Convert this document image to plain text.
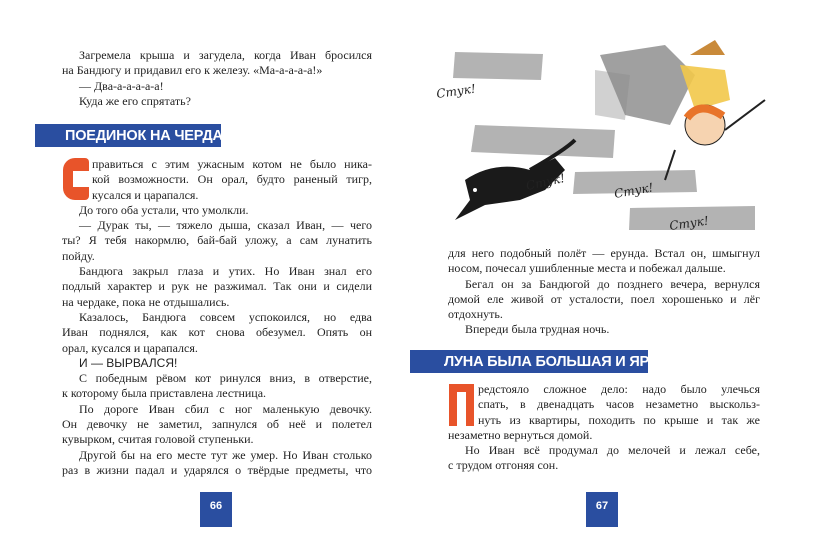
Загремела крыша и загудела, когда Иван бросился
на Бандюгу и придавил его к железу. «Ма-а-а-а-а!»
— Два-а-а-а-а-а!
Куда же его спрятать?
ПОЕДИНОК НА ЧЕРДАКЕ
правиться с этим ужасным котом не было ника-
кой возможности. Он орал, будто раненый тигр,
кусался и царапался.
До того оба устали, что умолкли.
— Дурак ты, — тяжело дыша, сказал Иван, — чего
ты? Я тебя накормлю, бай-бай уложу, а сам лунатить
пойду.
Бандюга закрыл глаза и утих. Но Иван знал его
подлый характер и рук не разжимал. Так они и сидели
на чердаке, пока не отдышались.
Казалось, Бандюга совсем успокоился, но едва
Иван поднялся, как кот снова обезумел. Опять он
орал, кусался и царапался.
И — ВЫРВАЛСЯ!
С победным рёвом кот ринулся вниз, в отверстие,
к которому была приставлена лестница.
По дороге Иван сбил с ног маленькую девочку.
Он девочку не заметил, запнулся об неё и полетел
кувырком, считая головой ступеньки.
Другой бы на его месте тут же умер. Но Иван столько
раз в жизни падал и ударялся о твёрдые предметы, что
66
Стук!
Стук!	Стук!
Стук!
для него подобный полёт — ерунда. Встал он, шмыгнул
носом, почесал ушибленные места и побежал дальше.
Бегал он за Бандюгой до позднего вечера, вернулся
домой еле живой от усталости, поел хорошенько и лёг
отдохнуть.
Впереди была трудная ночь.
ЛУНА БЫЛА БОЛЬШАЯ И ЯРКАЯ
редстояло сложное дело: надо было улечься
спать, в двенадцать часов незаметно выскольз-
нуть из квартиры, походить по крыше и так же
незаметно вернуться домой.
Но Иван всё продумал до мелочей и лежал себе,
с трудом отгоняя сон.
67
